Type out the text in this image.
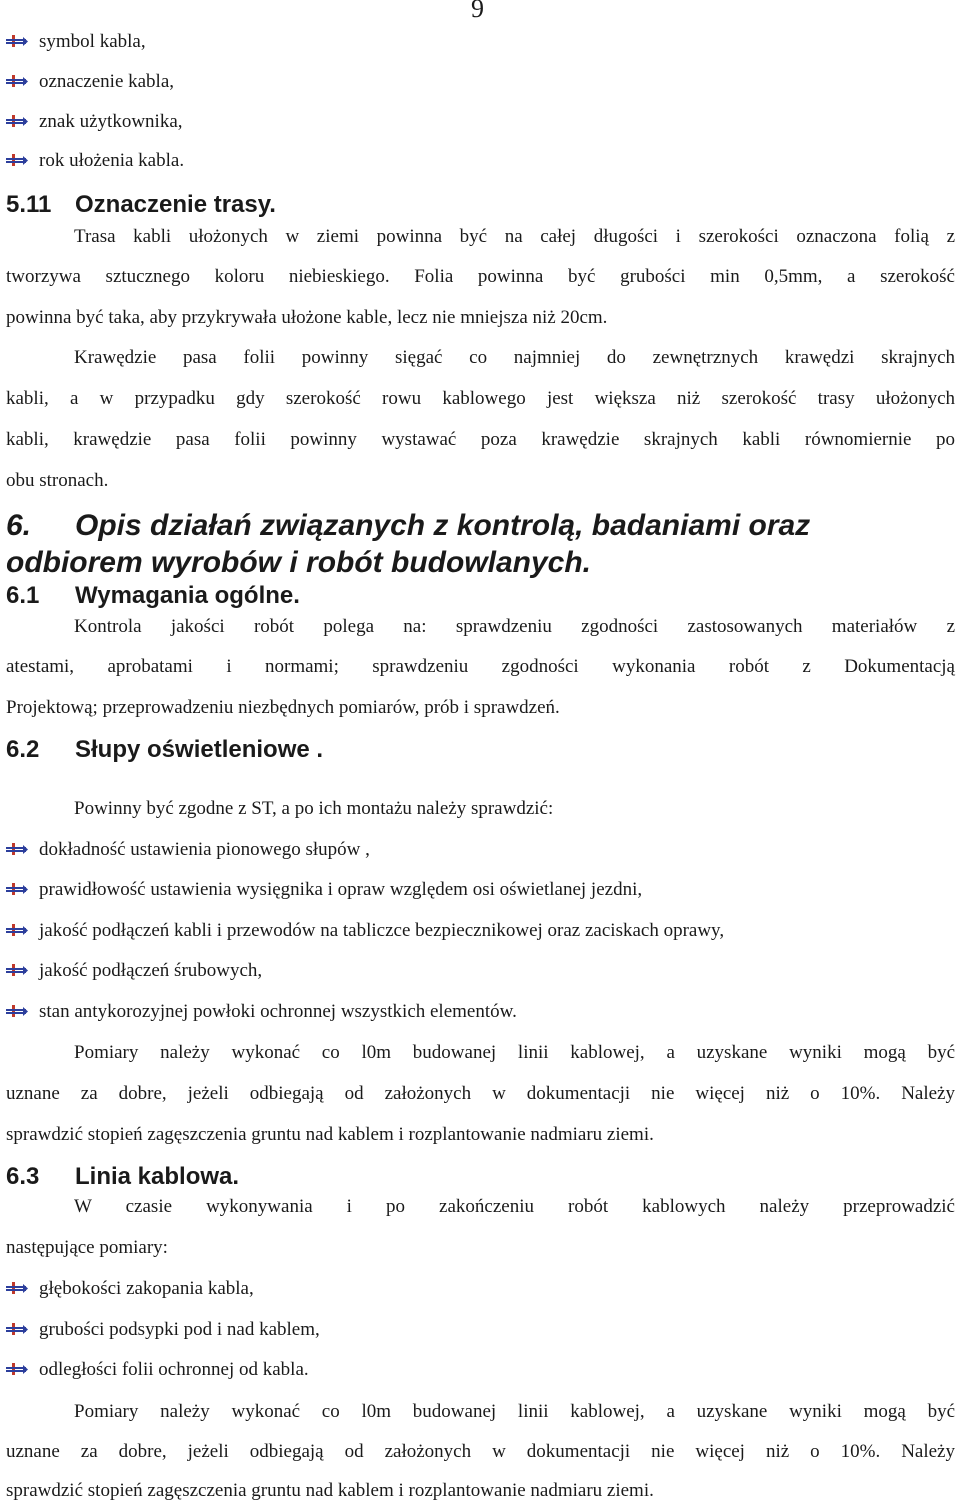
9
symbol kabla,
oznaczenie kabla,
znak użytkownika,
rok ułożenia kabla.
5.11 Oznaczenie trasy.
Trasa kabli ułożonych w ziemi powinna być na całej długości i szerokości oznaczona folią z
tworzywa sztucznego koloru niebieskiego. Folia powinna być grubości min 0,5mm, a szerokość
powinna być taka, aby przykrywała ułożone kable, lecz nie mniejsza niż 20cm.
Krawędzie pasa folii powinny sięgać co najmniej do zewnętrznych krawędzi skrajnych
kabli, a w przypadku gdy szerokość rowu kablowego jest większa niż szerokość trasy ułożonych
kabli, krawędzie pasa folii powinny wystawać poza krawędzie skrajnych kabli równomiernie po
obu stronach.
6. Opis działań związanych z kontrolą, badaniami oraz
odbiorem wyrobów i robót budowlanych.
6.1 Wymagania ogólne.
Kontrola jakości robót polega na: sprawdzeniu zgodności zastosowanych materiałów z
atestami, aprobatami i normami; sprawdzeniu zgodności wykonania robót z Dokumentacją
Projektową; przeprowadzeniu niezbędnych pomiarów, prób i sprawdzeń.
6.2 Słupy oświetleniowe .
Powinny być zgodne z ST, a po ich montażu należy sprawdzić:
dokładność ustawienia pionowego słupów ,
prawidłowość ustawienia wysięgnika i opraw względem osi oświetlanej jezdni,
jakość podłączeń kabli i przewodów na tabliczce bezpiecznikowej oraz zaciskach oprawy,
jakość podłączeń śrubowych,
stan antykorozyjnej powłoki ochronnej wszystkich elementów.
Pomiary należy wykonać co l0m budowanej linii kablowej, a uzyskane wyniki mogą być
uznane za dobre, jeżeli odbiegają od założonych w dokumentacji nie więcej niż o 10%. Należy
sprawdzić stopień zagęszczenia gruntu nad kablem i rozplantowanie nadmiaru ziemi.
6.3 Linia kablowa.
W czasie wykonywania i po zakończeniu robót kablowych należy przeprowadzić
następujące pomiary:
głębokości zakopania kabla,
grubości podsypki pod i nad kablem,
odległości folii ochronnej od kabla.
Pomiary należy wykonać co l0m budowanej linii kablowej, a uzyskane wyniki mogą być
uznane za dobre, jeżeli odbiegają od założonych w dokumentacji nie więcej niż o 10%. Należy
sprawdzić stopień zagęszczenia gruntu nad kablem i rozplantowanie nadmiaru ziemi.
